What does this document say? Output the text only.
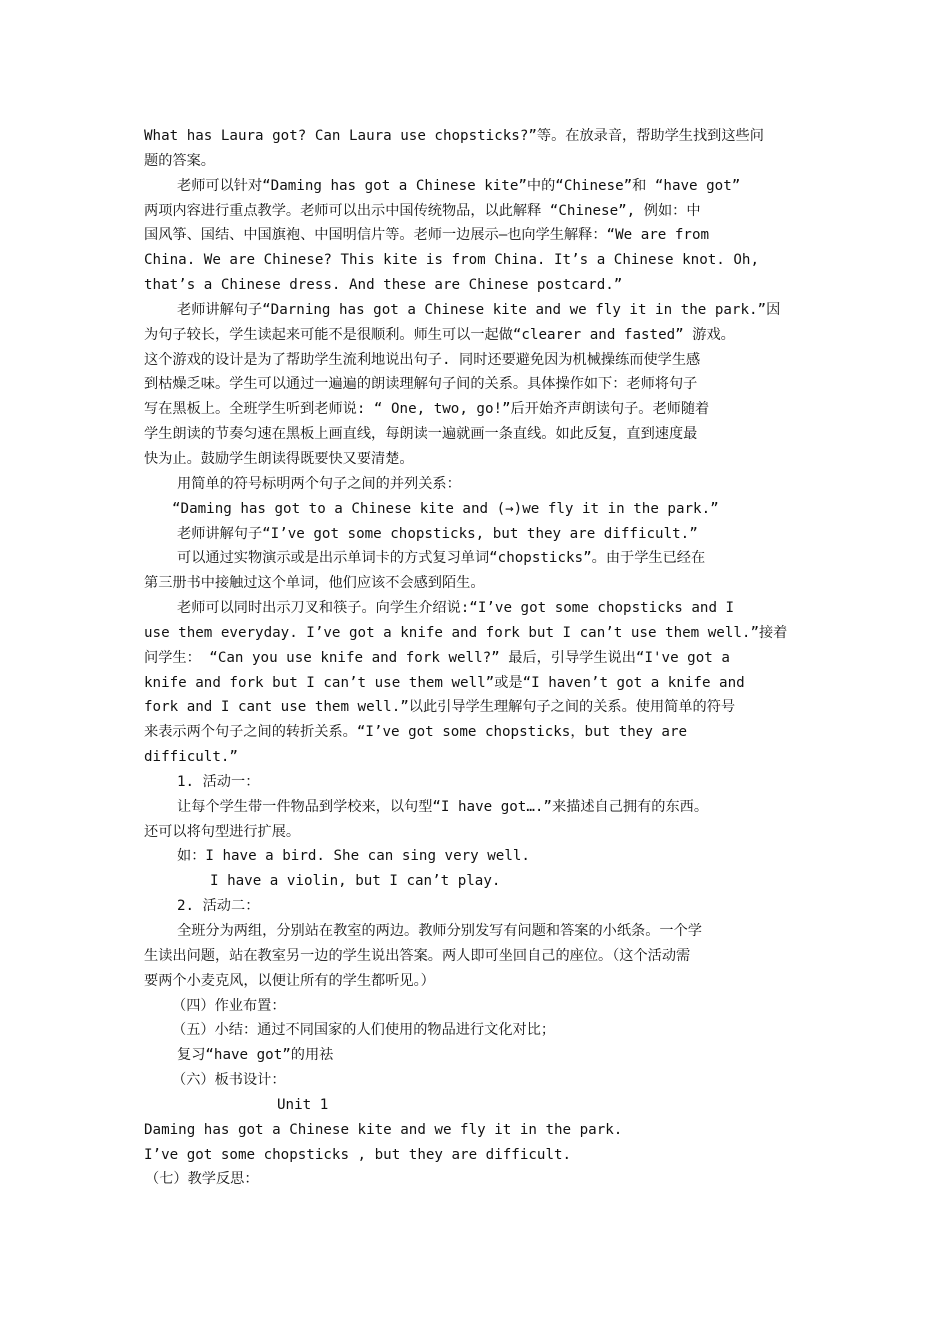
What has Laura got? Can Laura use chopsticks?”等。在放录音，帮助学生找到这些问
题的答案。
老师可以针对“Daming has got a Chinese kite”中的“Chinese”和 “have got”
两项内容进行重点教学。老师可以出示中国传统物品，以此解释 “Chinese”, 例如：中
国风筝、国结、中国旗袍、中国明信片等。老师一边展示—也向学生解释：“We are from
China. We are Chinese? This kite is from China. It’s a Chinese knot. Oh,
that’s a Chinese dress. And these are Chinese postcard.”
老师讲解句子“Darning has got a Chinese kite and we fly it in the park.”因
为句子较长，学生读起来可能不是很顺利。师生可以一起做“clearer and fasted” 游戏。
这个游戏的设计是为了帮助学生流利地说出句子. 同时还要避免因为机械操练而使学生感
到枯燥乏味。学生可以通过一遍遍的朗读理解句子间的关系。具体操作如下：老师将句子
写在黑板上。全班学生听到老师说: “ One, two, go!”后开始齐声朗读句子。老师随着
学生朗读的节奏匀速在黑板上画直线，每朗读一遍就画一条直线。如此反复，直到速度最
快为止。鼓励学生朗读得既要快又要清楚。
用简单的符号标明两个句子之间的并列关系：
“Daming has got to a Chinese kite and (→)we fly it in the park.”
老师讲解句子“I’ve got some chopsticks, but they are difficult.”
可以通过实物演示或是出示单词卡的方式复习单词“chopsticks”。由于学生已经在
第三册书中接触过这个单词，他们应该不会感到陌生。
老师可以同时出示刀叉和筷子。向学生介绍说:“I’ve got some chopsticks and I
use them everyday. I’ve got a knife and fork but I can’t use them well.”接着
问学生： “Can you use knife and fork well?” 最后，引导学生说出“I've got a
knife and fork but I can’t use them well”或是“I haven’t got a knife and
fork and I cant use them well.”以此引导学生理解句子之间的关系。使用简单的符号
来表示两个句子之间的转折关系。“I’ve got some chopsticks，but they are
difficult.”
1. 活动一：
让每个学生带一件物品到学校来，以句型“I have got….”来描述自己拥有的东西。
还可以将句型进行扩展。
如：I have a bird. She can sing very well.
I have a violin, but I can’t play.
2. 活动二：
全班分为两组，分别站在教室的两边。教师分别发写有问题和答案的小纸条。一个学
生读出问题，站在教室另一边的学生说出答案。两人即可坐回自己的座位。（这个活动需
要两个小麦克风，以便让所有的学生都听见。）
（四）作业布置：
（五）小结：通过不同国家的人们使用的物品进行文化对比；
复习“have got”的用祛
（六）板书设计：
Unit 1
Daming has got a Chinese kite and we fly it in the park.
I’ve got some chopsticks , but they are difficult.
（七）教学反思：
